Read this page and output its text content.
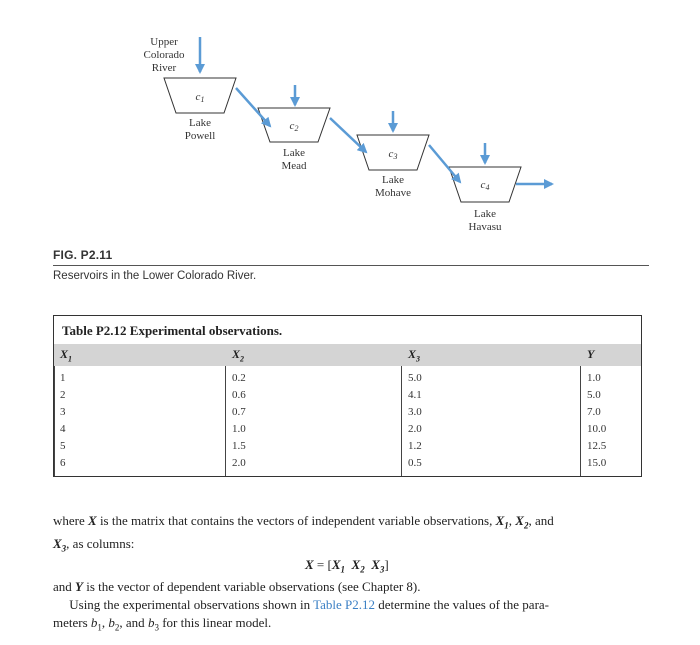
c1
c2
c3
c4
Upper
Colorado
River
Lake
Powell
Lake
Mead
Lake
Mohave
Lake
Havasu
FIG. P2.11
Reservoirs in the Lower Colorado River.
Table P2.12 Experimental observations.
$X_1$	$X_2$	$X_3$	Y
1	0.2	5.0	1.0
2	0.6	4.1	5.0
3	0.7	3.0	7.0
4	1.0	2.0	10.0
5	1.5	1.2	12.5
6	2.0	0.5	15.0
where X is the matrix that contains the vectors of independent variable observations, $X_1$, $X_2$, and
$X_3$, as columns:
$X = [X_1$ $X_2$ $X_3$]
and Y is the vector of dependent variable observations (see Chapter 8).
Using the experimental observations shown in Table P2.12 determine the values of the para-
meters $b_1$, $b_2$, and $b_3$ for this linear model.
